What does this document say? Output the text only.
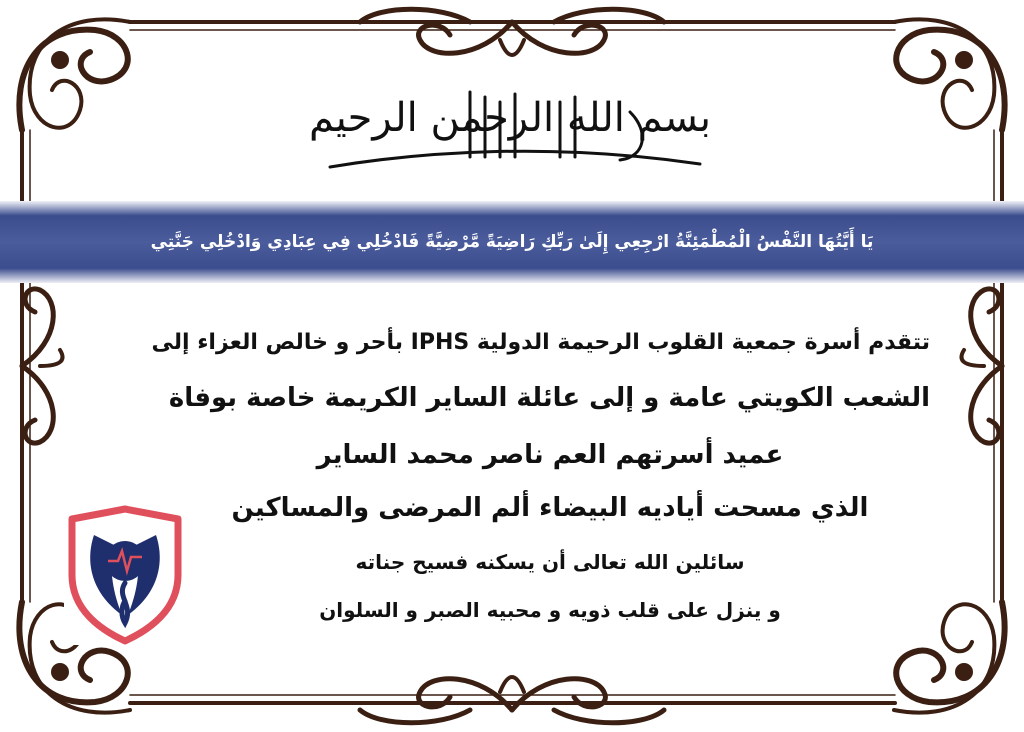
بسم الله الرحمن الرحيم
يَا أَيَّتُهَا النَّفْسُ الْمُطْمَئِنَّةُ ارْجِعِي إِلَىٰ رَبِّكِ رَاضِيَةً مَّرْضِيَّةً فَادْخُلِي فِي عِبَادِي وَادْخُلِي جَنَّتِي
تتقدم أسرة جمعية القلوب الرحيمة الدولية IPHS بأحر و خالص العزاء إلى
الشعب الكويتي عامة و إلى عائلة الساير الكريمة خاصة بوفاة
عميد أسرتهم العم ناصر محمد الساير
الذي مسحت أياديه البيضاء ألم المرضى والمساكين
سائلين الله تعالى أن يسكنه فسيح جناته
و ينزل على قلب ذويه و محبيه الصبر و السلوان
